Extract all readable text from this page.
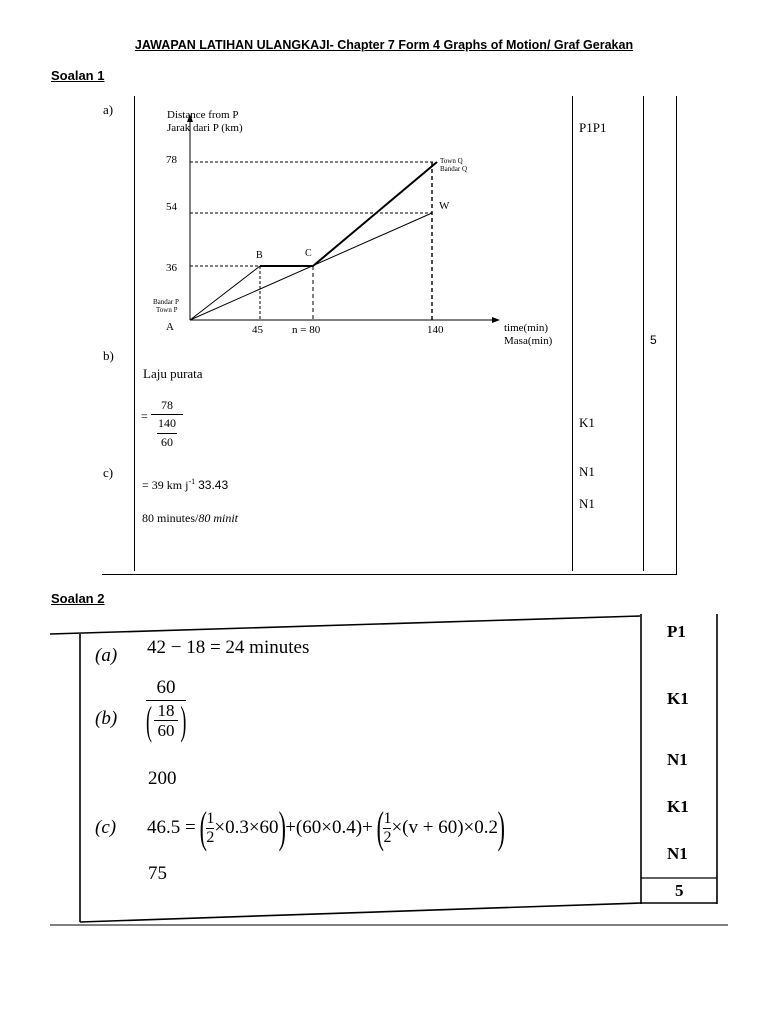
JAWAPAN LATIHAN ULANGKAJI- Chapter 7 Form 4 Graphs of Motion/ Graf Gerakan
Soalan 1
a)
b)
c)
Distance from P
Jarak dari P (km)
time(min)
Masa(min)
78
54
36
45	n = 80	140
B	C
W
Town Q
Bandar Q
Bandar P
Town P
A
Laju purata
=
78
140
60
= 39 km $j^{-1}$ 33.43
80 minutes/80 minit
P1P1
K1
N1
N1
5
Soalan 2
(a) 42 − 18 = 24 minutes
(b) 60
( )
$\frac{18}{60}$
200
(c) 46.5 = ( $\frac{1}{2} \times 0.3\times 60$ ) +(60×0.4)+ ( $\frac{1}{2} \times(v + 60)\times 0.2$ )
75
P1
K1
N1
K1
N1
5
